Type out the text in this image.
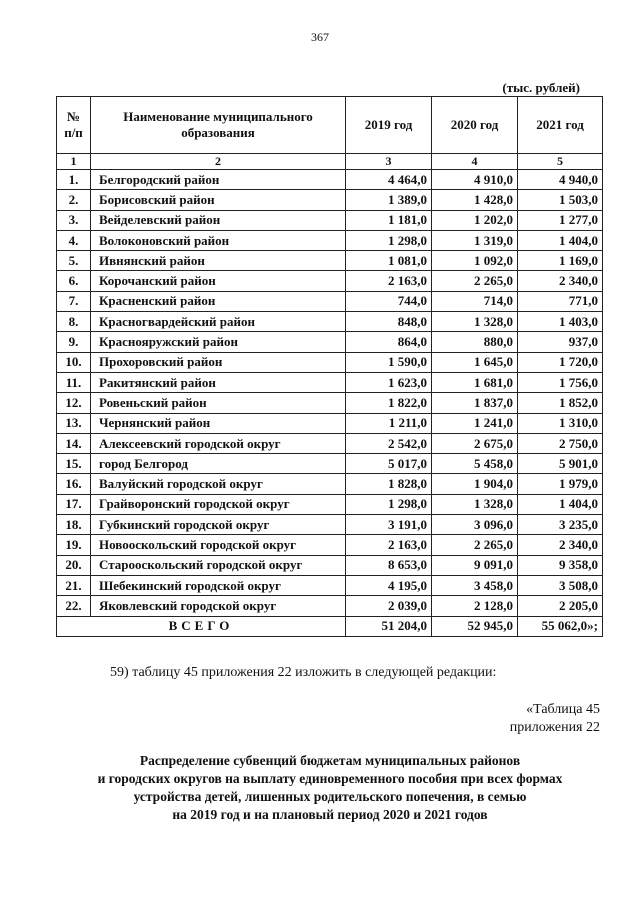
367
(тыс. рублей)
№ п/п	Наименование муниципального образования	2019 год	2020 год	2021 год
1	2	3	4	5
1.	Белгородский район	4 464,0	4 910,0	4 940,0
2.	Борисовский район	1 389,0	1 428,0	1 503,0
3.	Вейделевский район	1 181,0	1 202,0	1 277,0
4.	Волоконовский район	1 298,0	1 319,0	1 404,0
5.	Ивнянский район	1 081,0	1 092,0	1 169,0
6.	Корочанский район	2 163,0	2 265,0	2 340,0
7.	Красненский район	744,0	714,0	771,0
8.	Красногвардейский район	848,0	1 328,0	1 403,0
9.	Краснояружский район	864,0	880,0	937,0
10.	Прохоровский район	1 590,0	1 645,0	1 720,0
11.	Ракитянский район	1 623,0	1 681,0	1 756,0
12.	Ровеньский район	1 822,0	1 837,0	1 852,0
13.	Чернянский район	1 211,0	1 241,0	1 310,0
14.	Алексеевский городской округ	2 542,0	2 675,0	2 750,0
15.	город Белгород	5 017,0	5 458,0	5 901,0
16.	Валуйский городской округ	1 828,0	1 904,0	1 979,0
17.	Грайворонский городской округ	1 298,0	1 328,0	1 404,0
18.	Губкинский городской округ	3 191,0	3 096,0	3 235,0
19.	Новооскольский городской округ	2 163,0	2 265,0	2 340,0
20.	Старооскольский городской округ	8 653,0	9 091,0	9 358,0
21.	Шебекинский городской округ	4 195,0	3 458,0	3 508,0
22.	Яковлевский городской округ	2 039,0	2 128,0	2 205,0
ВСЕГО		51 204,0	52 945,0	55 062,0»;
59) таблицу 45 приложения 22 изложить в следующей редакции:
«Таблица 45
приложения 22
Распределение субвенций бюджетам муниципальных районов
и городских округов на выплату единовременного пособия при всех формах
устройства детей, лишенных родительского попечения, в семью
на 2019 год и на плановый период 2020 и 2021 годов
